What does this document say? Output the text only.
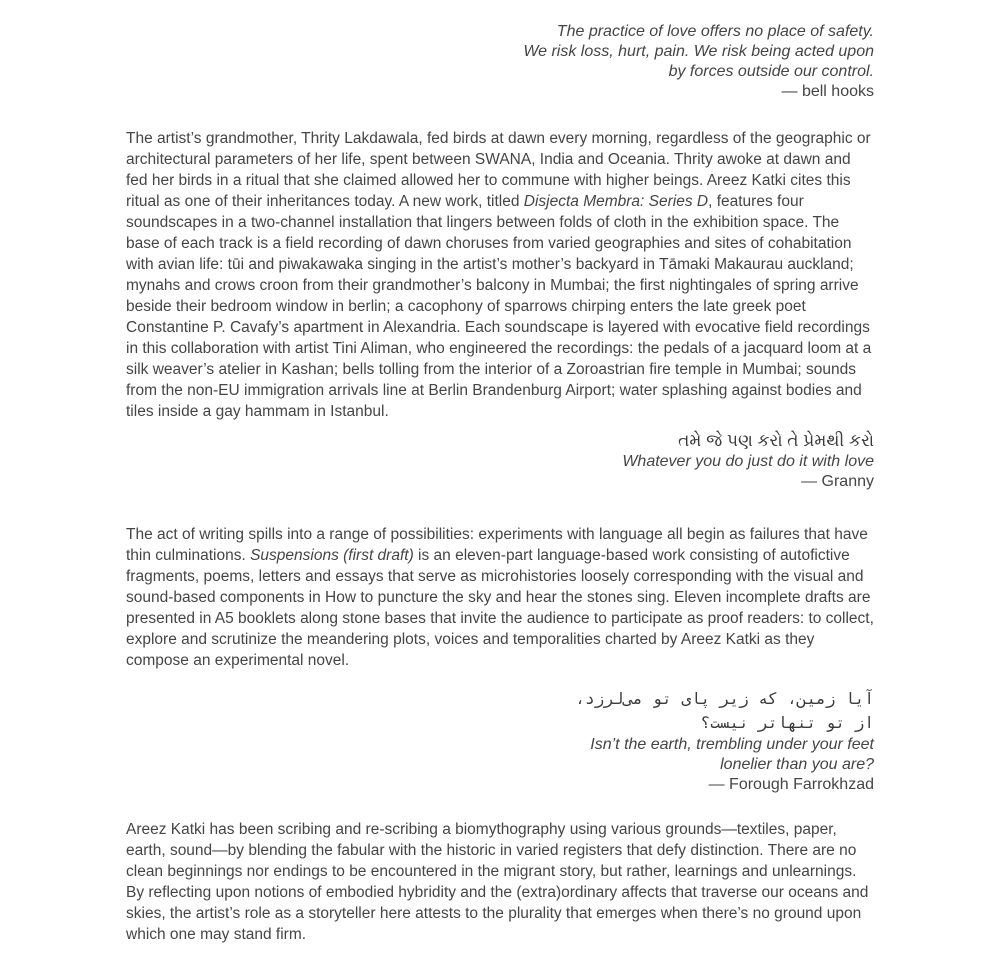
The practice of love offers no place of safety.
We risk loss, hurt, pain. We risk being acted upon
by forces outside our control.
— bell hooks

The artist’s grandmother, Thrity Lakdawala, fed birds at dawn every morning, regardless of the geographic or architectural parameters of her life, spent between SWANA, India and Oceania. Thrity awoke at dawn and fed her birds in a ritual that she claimed allowed her to commune with higher beings. Areez Katki cites this ritual as one of their inheritances today. A new work, titled Disjecta Membra: Series D, features four soundscapes in a two-channel installation that lingers between folds of cloth in the exhibition space. The base of each track is a field recording of dawn choruses from varied geographies and sites of cohabitation with avian life: tūi and piwakawaka singing in the artist’s mother’s backyard in Tāmaki Makaurau auckland; mynahs and crows croon from their grandmother’s balcony in Mumbai; the first nightingales of spring arrive beside their bedroom window in berlin; a cacophony of sparrows chirping enters the late greek poet Constantine P. Cavafy’s apartment in Alexandria. Each soundscape is layered with evocative field recordings in this collaboration with artist Tini Aliman, who engineered the recordings: the pedals of a jacquard loom at a silk weaver’s atelier in Kashan; bells tolling from the interior of a Zoroastrian fire temple in Mumbai; sounds from the non-EU immigration arrivals line at Berlin Brandenburg Airport; water splashing against bodies and tiles inside a gay hammam in Istanbul.

તમે જે પણ કરો તે પ્રેમથી કરો
Whatever you do just do it with love
— Granny

The act of writing spills into a range of possibilities: experiments with language all begin as failures that have thin culminations. Suspensions (first draft) is an eleven-part language-based work consisting of autofictive fragments, poems, letters and essays that serve as microhistories loosely corresponding with the visual and sound-based components in How to puncture the sky and hear the stones sing. Eleven incomplete drafts are presented in A5 booklets along stone bases that invite the audience to participate as proof readers: to collect, explore and scrutinize the meandering plots, voices and temporalities charted by Areez Katki as they compose an experimental novel.

آیا زمین، که زیر پای تو می‌لرزد،
از تو تنهاتر نیست؟
Isn’t the earth, trembling under your feet
lonelier than you are?
— Forough Farrokhzad

Areez Katki has been scribing and re-scribing a biomythography using various grounds—textiles, paper, earth, sound—by blending the fabular with the historic in varied registers that defy distinction. There are no clean beginnings nor endings to be encountered in the migrant story, but rather, learnings and unlearnings. By reflecting upon notions of embodied hybridity and the (extra)ordinary affects that traverse our oceans and skies, the artist’s role as a storyteller here attests to the plurality that emerges when there’s no ground upon which one may stand firm.
